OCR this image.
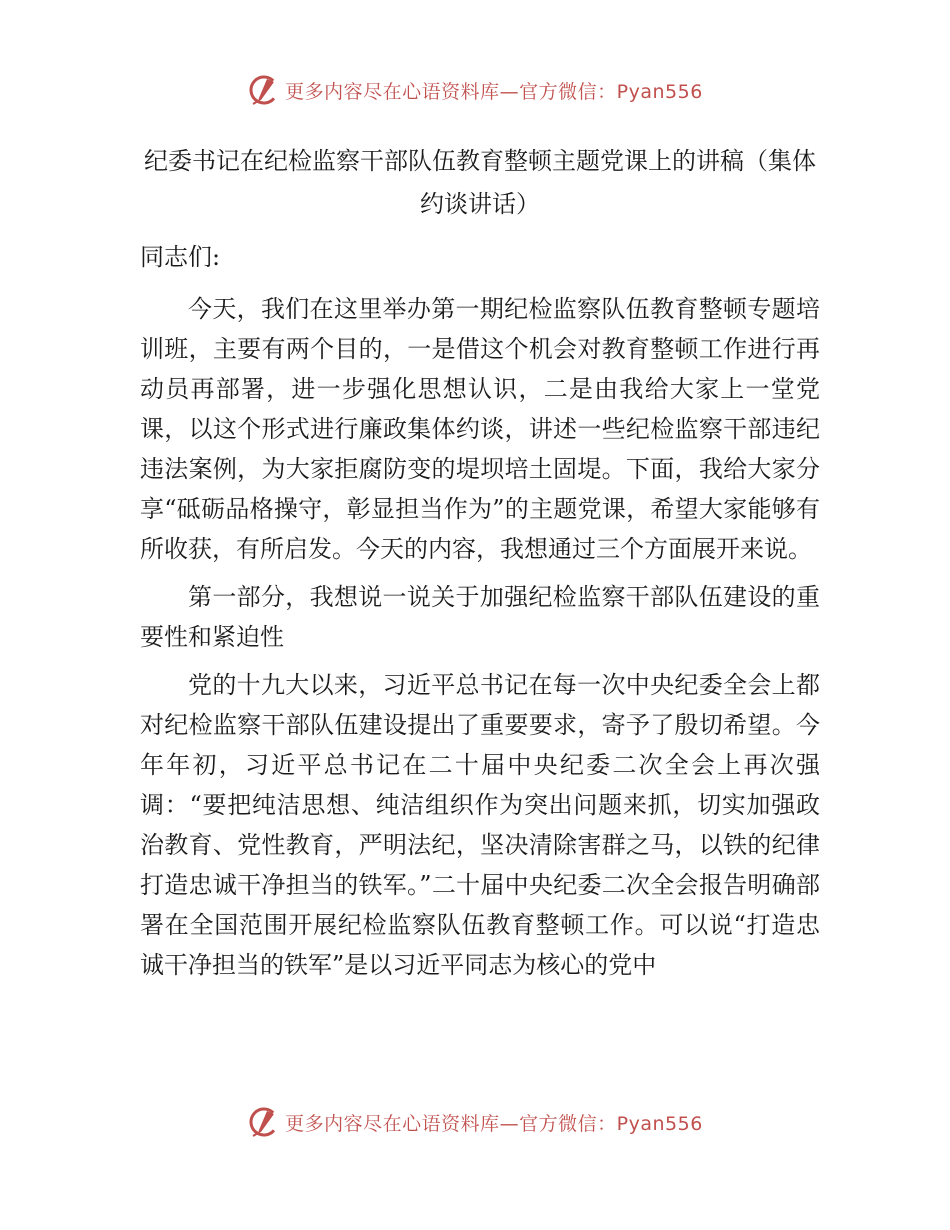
更多内容尽在心语资料库—官方微信：Pyan556
纪委书记在纪检监察干部队伍教育整顿主题党课上的讲稿（集体约谈讲话）

同志们:

今天，我们在这里举办第一期纪检监察队伍教育整顿专题培训班，主要有两个目的，一是借这个机会对教育整顿工作进行再动员再部署，进一步强化思想认识，二是由我给大家上一堂党课，以这个形式进行廉政集体约谈，讲述一些纪检监察干部违纪违法案例，为大家拒腐防变的堤坝培土固堤。下面，我给大家分享“砥砺品格操守，彰显担当作为”的主题党课，希望大家能够有所收获，有所启发。今天的内容，我想通过三个方面展开来说。

第一部分，我想说一说关于加强纪检监察干部队伍建设的重要性和紧迫性

党的十九大以来，习近平总书记在每一次中央纪委全会上都对纪检监察干部队伍建设提出了重要要求，寄予了殷切希望。今年年初，习近平总书记在二十届中央纪委二次全会上再次强调：“要把纯洁思想、纯洁组织作为突出问题来抓，切实加强政治教育、党性教育，严明法纪，坚决清除害群之马，以铁的纪律打造忠诚干净担当的铁军。”二十届中央纪委二次全会报告明确部署在全国范围开展纪检监察队伍教育整顿工作。可以说“打造忠诚干净担当的铁军”是以习近平同志为核心的党中

更多内容尽在心语资料库—官方微信：Pyan556
